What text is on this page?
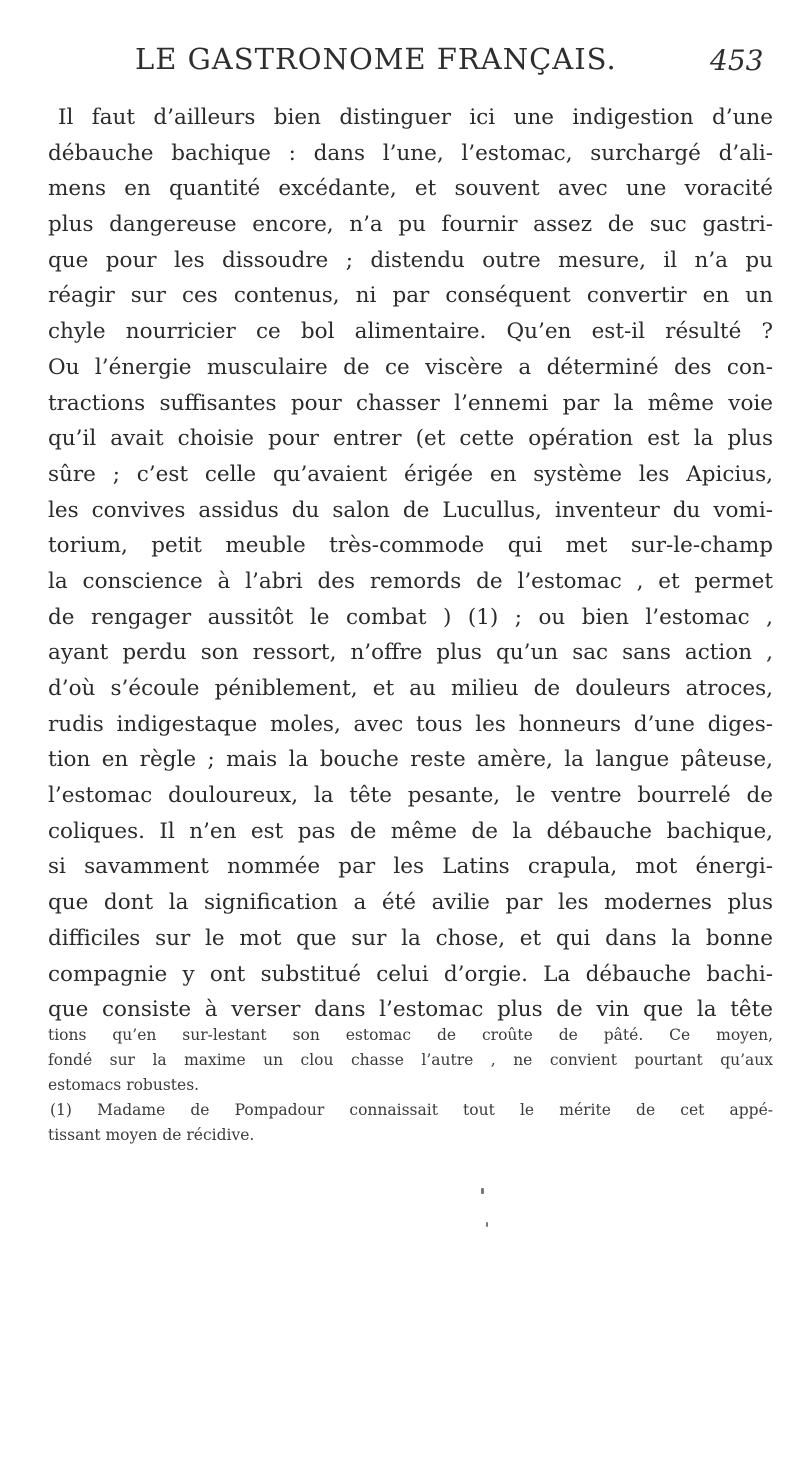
LE GASTRONOME FRANÇAIS.	453
Il faut d’ailleurs bien distinguer ici une indigestion d’une
débauche bachique : dans l’une, l’estomac, surchargé d’ali-
mens en quantité excédante, et souvent avec une voracité
plus dangereuse encore, n’a pu fournir assez de suc gastri-
que pour les dissoudre ; distendu outre mesure, il n’a pu
réagir sur ces contenus, ni par conséquent convertir en un
chyle nourricier ce bol alimentaire. Qu’en est-il résulté ?
Ou l’énergie musculaire de ce viscère a déterminé des con-
tractions suffisantes pour chasser l’ennemi par la même voie
qu’il avait choisie pour entrer (et cette opération est la plus
sûre ; c’est celle qu’avaient érigée en système les Apicius,
les convives assidus du salon de Lucullus, inventeur du vomi-
torium, petit meuble très-commode qui met sur-le-champ
la conscience à l’abri des remords de l’estomac , et permet
de rengager aussitôt le combat ) (1) ; ou bien l’estomac ,
ayant perdu son ressort, n’offre plus qu’un sac sans action ,
d’où s’écoule péniblement, et au milieu de douleurs atroces,
rudis indigestaque moles, avec tous les honneurs d’une diges-
tion en règle ; mais la bouche reste amère, la langue pâteuse,
l’estomac douloureux, la tête pesante, le ventre bourrelé de
coliques. Il n’en est pas de même de la débauche bachique,
si savamment nommée par les Latins crapula, mot énergi-
que dont la signification a été avilie par les modernes plus
difficiles sur le mot que sur la chose, et qui dans la bonne
compagnie y ont substitué celui d’orgie. La débauche bachi-
que consiste à verser dans l’estomac plus de vin que la tête
tions qu’en sur-lestant son estomac de croûte de pâté. Ce moyen,
fondé sur la maxime un clou chasse l’autre , ne convient pourtant qu’aux
estomacs robustes.
(1) Madame de Pompadour connaissait tout le mérite de cet appé-
tissant moyen de récidive.
